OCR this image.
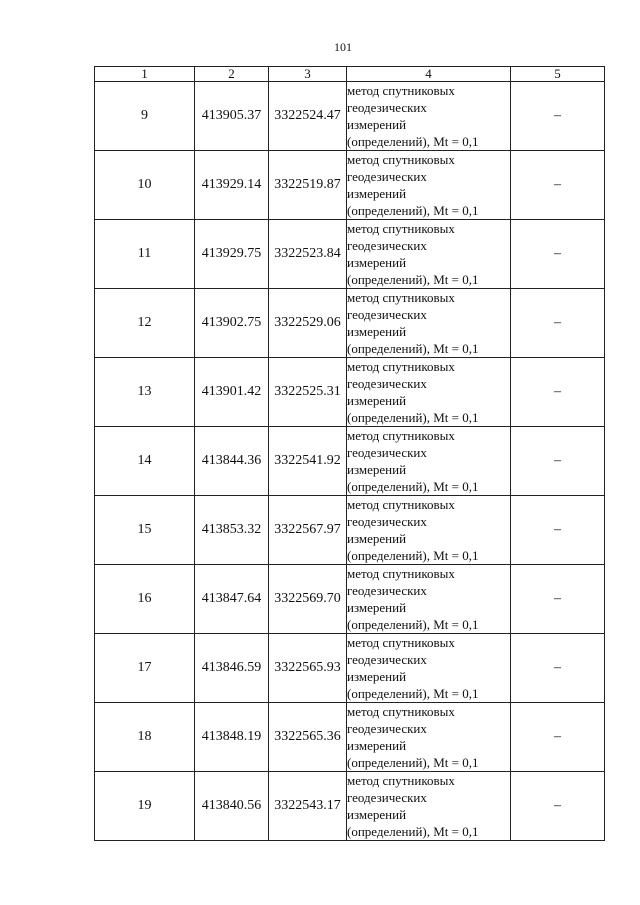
101
1	2	3	4	5
9	413905.37	3322524.47	метод спутниковых
геодезических
измерений
(определений), Mt = 0,1	–
10	413929.14	3322519.87	метод спутниковых
геодезических
измерений
(определений), Mt = 0,1	–
11	413929.75	3322523.84	метод спутниковых
геодезических
измерений
(определений), Mt = 0,1	–
12	413902.75	3322529.06	метод спутниковых
геодезических
измерений
(определений), Mt = 0,1	–
13	413901.42	3322525.31	метод спутниковых
геодезических
измерений
(определений), Mt = 0,1	–
14	413844.36	3322541.92	метод спутниковых
геодезических
измерений
(определений), Mt = 0,1	–
15	413853.32	3322567.97	метод спутниковых
геодезических
измерений
(определений), Mt = 0,1	–
16	413847.64	3322569.70	метод спутниковых
геодезических
измерений
(определений), Mt = 0,1	–
17	413846.59	3322565.93	метод спутниковых
геодезических
измерений
(определений), Mt = 0,1	–
18	413848.19	3322565.36	метод спутниковых
геодезических
измерений
(определений), Mt = 0,1	–
19	413840.56	3322543.17	метод спутниковых
геодезических
измерений
(определений), Mt = 0,1	–
